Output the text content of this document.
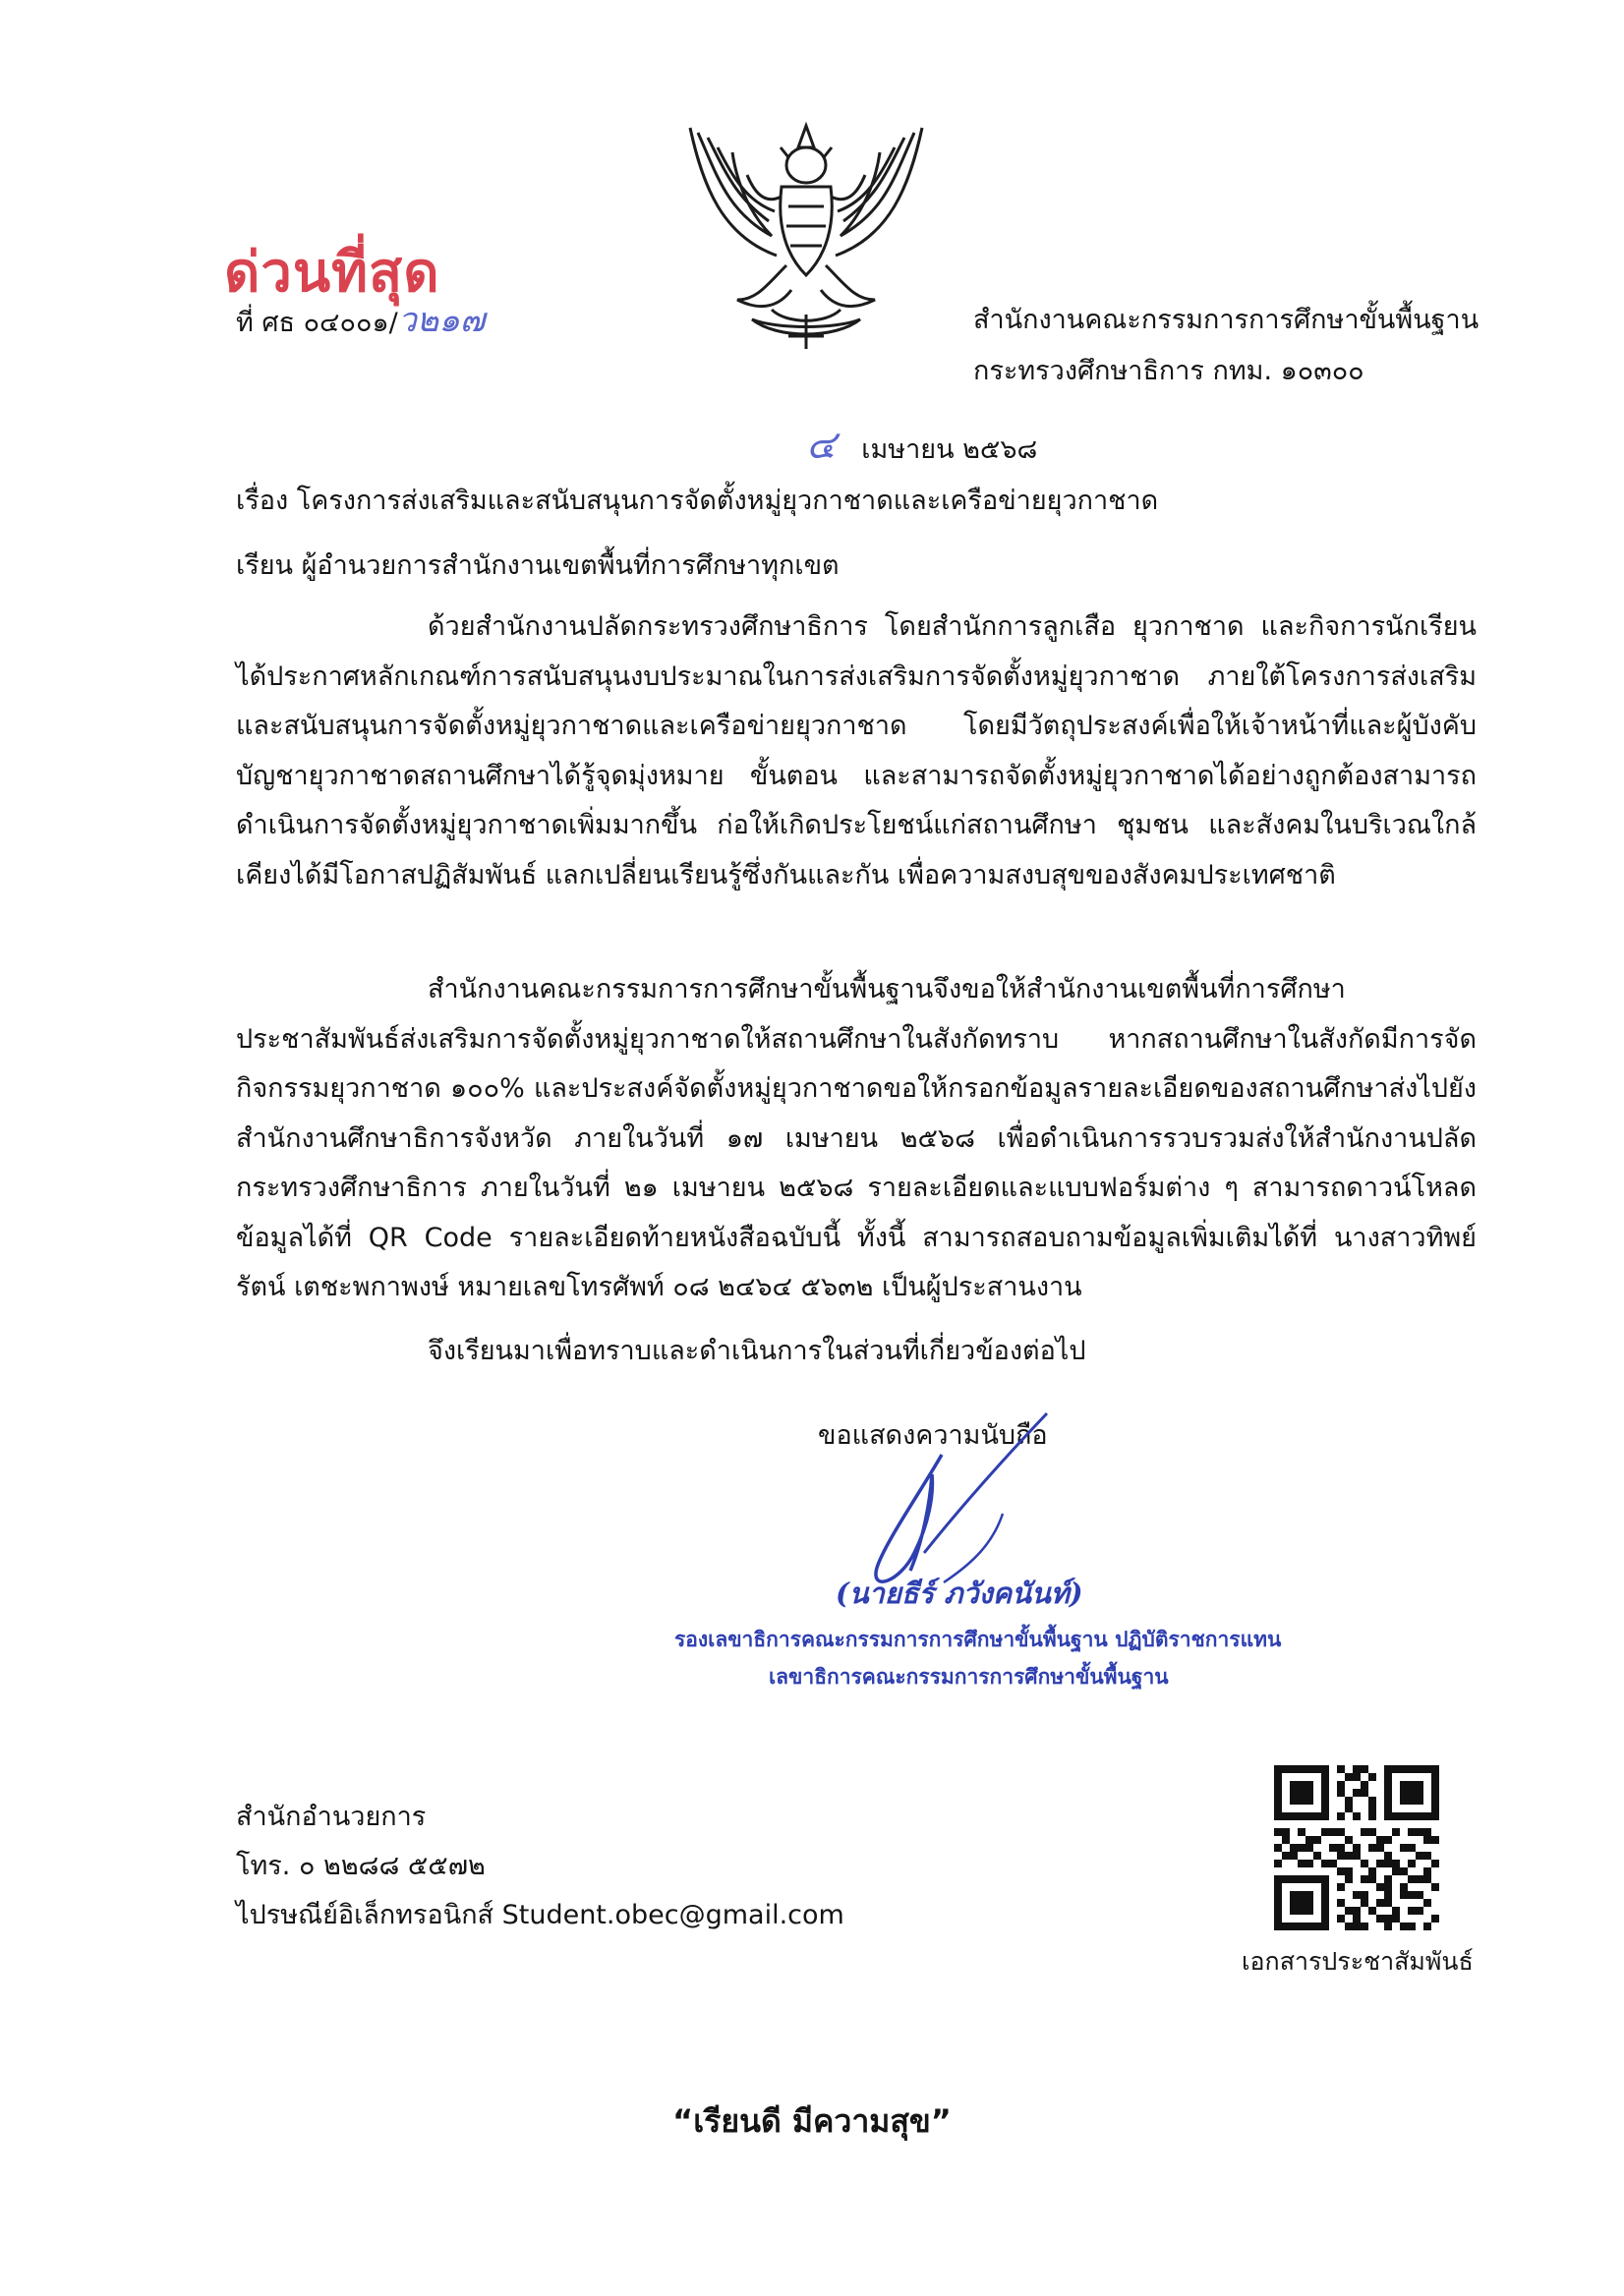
ด่วนที่สุด
ที่ ศธ ๐๔๐๐๑/ว๒๑๗	สำนักงานคณะกรรมการการศึกษาขั้นพื้นฐาน
กระทรวงศึกษาธิการ กทม. ๑๐๓๐๐
๔ เมษายน ๒๕๖๘
เรื่อง โครงการส่งเสริมและสนับสนุนการจัดตั้งหมู่ยุวกาชาดและเครือข่ายยุวกาชาด
เรียน ผู้อำนวยการสำนักงานเขตพื้นที่การศึกษาทุกเขต
ด้วยสำนักงานปลัดกระทรวงศึกษาธิการ โดยสำนักการลูกเสือ ยุวกาชาด และกิจการนักเรียน ได้ประกาศหลักเกณฑ์การสนับสนุนงบประมาณในการส่งเสริมการจัดตั้งหมู่ยุวกาชาด ภายใต้โครงการส่งเสริมและสนับสนุนการจัดตั้งหมู่ยุวกาชาดและเครือข่ายยุวกาชาด โดยมีวัตถุประสงค์เพื่อให้เจ้าหน้าที่และผู้บังคับบัญชายุวกาชาดสถานศึกษาได้รู้จุดมุ่งหมาย ขั้นตอน และสามารถจัดตั้งหมู่ยุวกาชาดได้อย่างถูกต้องสามารถดำเนินการจัดตั้งหมู่ยุวกาชาดเพิ่มมากขึ้น ก่อให้เกิดประโยชน์แก่สถานศึกษา ชุมชน และสังคมในบริเวณใกล้เคียงได้มีโอกาสปฏิสัมพันธ์ แลกเปลี่ยนเรียนรู้ซึ่งกันและกัน เพื่อความสงบสุขของสังคมประเทศชาติ
สำนักงานคณะกรรมการการศึกษาขั้นพื้นฐานจึงขอให้สำนักงานเขตพื้นที่การศึกษาประชาสัมพันธ์ส่งเสริมการจัดตั้งหมู่ยุวกาชาดให้สถานศึกษาในสังกัดทราบ หากสถานศึกษาในสังกัดมีการจัดกิจกรรมยุวกาชาด ๑๐๐% และประสงค์จัดตั้งหมู่ยุวกาชาดขอให้กรอกข้อมูลรายละเอียดของสถานศึกษาส่งไปยังสำนักงานศึกษาธิการจังหวัด ภายในวันที่ ๑๗ เมษายน ๒๕๖๘ เพื่อดำเนินการรวบรวมส่งให้สำนักงานปลัดกระทรวงศึกษาธิการ ภายในวันที่ ๒๑ เมษายน ๒๕๖๘ รายละเอียดและแบบฟอร์มต่าง ๆ สามารถดาวน์โหลดข้อมูลได้ที่ QR Code รายละเอียดท้ายหนังสือฉบับนี้ ทั้งนี้ สามารถสอบถามข้อมูลเพิ่มเติมได้ที่ นางสาวทิพย์รัตน์ เตชะพกาพงษ์ หมายเลขโทรศัพท์ ๐๘ ๒๔๖๔ ๕๖๓๒ เป็นผู้ประสานงาน
จึงเรียนมาเพื่อทราบและดำเนินการในส่วนที่เกี่ยวข้องต่อไป
ขอแสดงความนับถือ
(นายธีร์ ภวังคนันท์)
รองเลขาธิการคณะกรรมการการศึกษาขั้นพื้นฐาน ปฏิบัติราชการแทน
เลขาธิการคณะกรรมการการศึกษาขั้นพื้นฐาน
สำนักอำนวยการ
โทร. ๐ ๒๒๘๘ ๕๕๗๒
ไปรษณีย์อิเล็กทรอนิกส์ Student.obec@gmail.com
เอกสารประชาสัมพันธ์
“เรียนดี มีความสุข”
